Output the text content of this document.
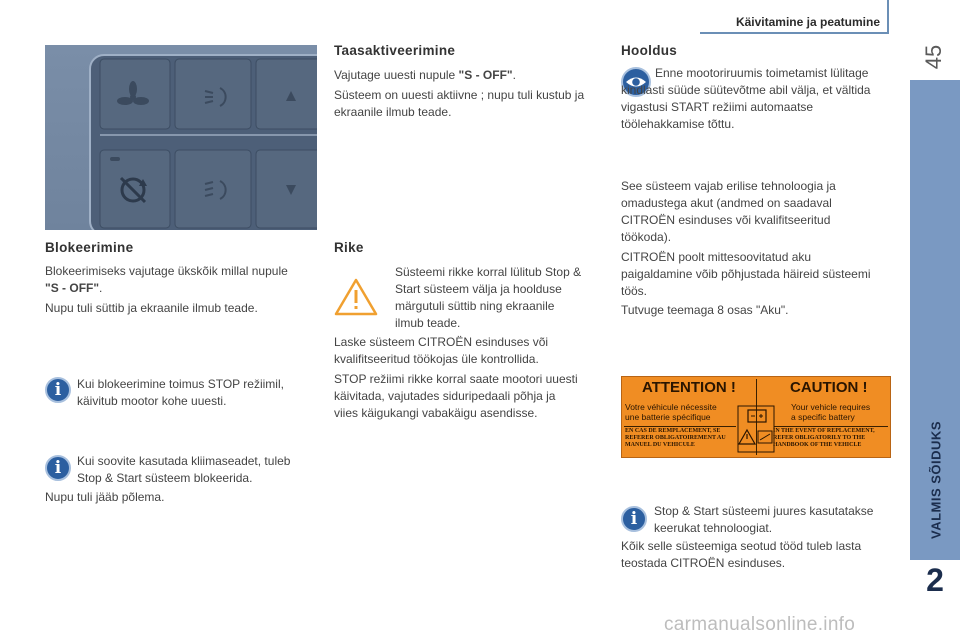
Käivitamine ja peatumine
45
VALMIS SÕIDUKS
2
Blokeerimine

Blokeerimiseks vajutage ükskõik millal nupule "S - OFF".

Nupu tuli süttib ja ekraanile ilmub teade.

i	Kui blokeerimine toimus STOP režiimil, käivitub mootor kohe uuesti.

i	Kui soovite kasutada kliimaseadet, tuleb Stop & Start süsteem blokeerida.

Nupu tuli jääb põlema.

Taasaktiveerimine

Vajutage uuesti nupule "S - OFF".

Süsteem on uuesti aktiivne ; nupu tuli kustub ja ekraanile ilmub teade.

Rike

Süsteemi rikke korral lülitub Stop & Start süsteem välja ja hoolduse märgutuli süttib ning ekraanile ilmub teade.

Laske süsteem CITROËN esinduses või kvalifitseeritud töökojas üle kontrollida.

STOP režiimi rikke korral saate mootori uuesti käivitada, vajutades siduripedaali põhja ja viies käigukangi vabakäigu asendisse.

Hooldus

Enne mootoriruumis toimetamist lülitage kindlasti süüde süütevõtme abil välja, et vältida vigastusi START režiimi automaatse töölehakkamise tõttu.

See süsteem vajab erilise tehnoloogia ja omadustega akut (andmed on saadaval CITROËN esinduses või kvalifitseeritud töökoda).

CITROËN poolt mittesoovitatud aku paigaldamine võib põhjustada häireid süsteemi töös.

Tutvuge teemaga 8 osas "Aku".

ATTENTION !	CAUTION !
Votre véhicule nécessite
une batterie spécifique
Your vehicle requires
a specific battery
EN CAS DE REMPLACEMENT, SE REFERER OBLIGATOIREMENT AU MANUEL DU VEHICULE
IN THE EVENT OF REPLACEMENT, REFER OBLIGATORILY TO THE HANDBOOK OF THE VEHICLE
i	Stop & Start süsteemi juures kasutatakse keerukat tehnoloogiat.

Kõik selle süsteemiga seotud tööd tuleb lasta teostada CITROËN esinduses.

carmanualsonline.info
